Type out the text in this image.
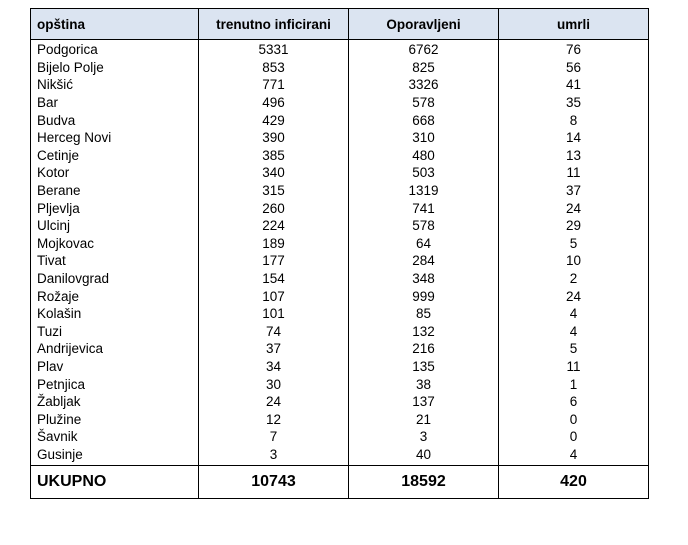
opština	trenutno inficirani	Oporavljeni	umrli
Podgorica	5331	6762	76
Bijelo Polje	853	825	56
Nikšić	771	3326	41
Bar	496	578	35
Budva	429	668	8
Herceg Novi	390	310	14
Cetinje	385	480	13
Kotor	340	503	11
Berane	315	1319	37
Pljevlja	260	741	24
Ulcinj	224	578	29
Mojkovac	189	64	5
Tivat	177	284	10
Danilovgrad	154	348	2
Rožaje	107	999	24
Kolašin	101	85	4
Tuzi	74	132	4
Andrijevica	37	216	5
Plav	34	135	11
Petnjica	30	38	1
Žabljak	24	137	6
Plužine	12	21	0
Šavnik	7	3	0
Gusinje	3	40	4
UKUPNO	10743	18592	420
